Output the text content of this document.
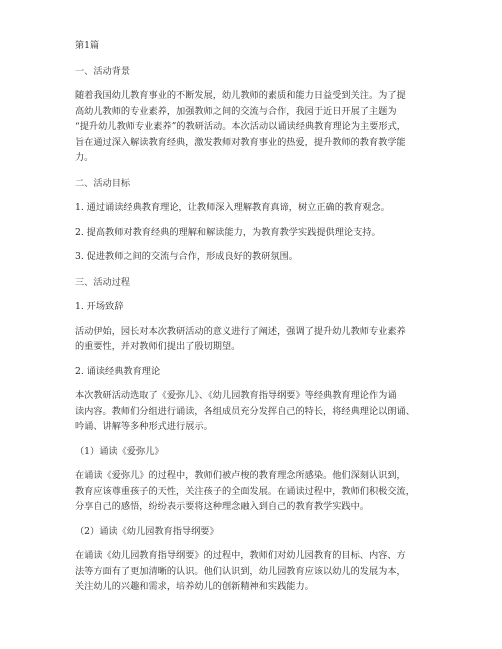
第1篇
一、活动背景
随着我国幼儿教育事业的不断发展，幼儿教师的素质和能力日益受到关注。为了提
高幼儿教师的专业素养，加强教师之间的交流与合作，我园于近日开展了主题为
“提升幼儿教师专业素养”的教研活动。本次活动以诵读经典教育理论为主要形式，
旨在通过深入解读教育经典，激发教师对教育事业的热爱，提升教师的教育教学能
力。
二、活动目标
1. 通过诵读经典教育理论，让教师深入理解教育真谛，树立正确的教育观念。
2. 提高教师对教育经典的理解和解读能力，为教育教学实践提供理论支持。
3. 促进教师之间的交流与合作，形成良好的教研氛围。
三、活动过程
1. 开场致辞
活动伊始，园长对本次教研活动的意义进行了阐述，强调了提升幼儿教师专业素养
的重要性，并对教师们提出了殷切期望。
2. 诵读经典教育理论
本次教研活动选取了《爱弥儿》、《幼儿园教育指导纲要》等经典教育理论作为诵
读内容。教师们分组进行诵读，各组成员充分发挥自己的特长，将经典理论以朗诵、
吟诵、讲解等多种形式进行展示。
（1）诵读《爱弥儿》
在诵读《爱弥儿》的过程中，教师们被卢梭的教育理念所感染。他们深刻认识到，
教育应该尊重孩子的天性，关注孩子的全面发展。在诵读过程中，教师们积极交流，
分享自己的感悟，纷纷表示要将这种理念融入到自己的教育教学实践中。
（2）诵读《幼儿园教育指导纲要》
在诵读《幼儿园教育指导纲要》的过程中，教师们对幼儿园教育的目标、内容、方
法等方面有了更加清晰的认识。他们认识到，幼儿园教育应该以幼儿的发展为本，
关注幼儿的兴趣和需求，培养幼儿的创新精神和实践能力。
